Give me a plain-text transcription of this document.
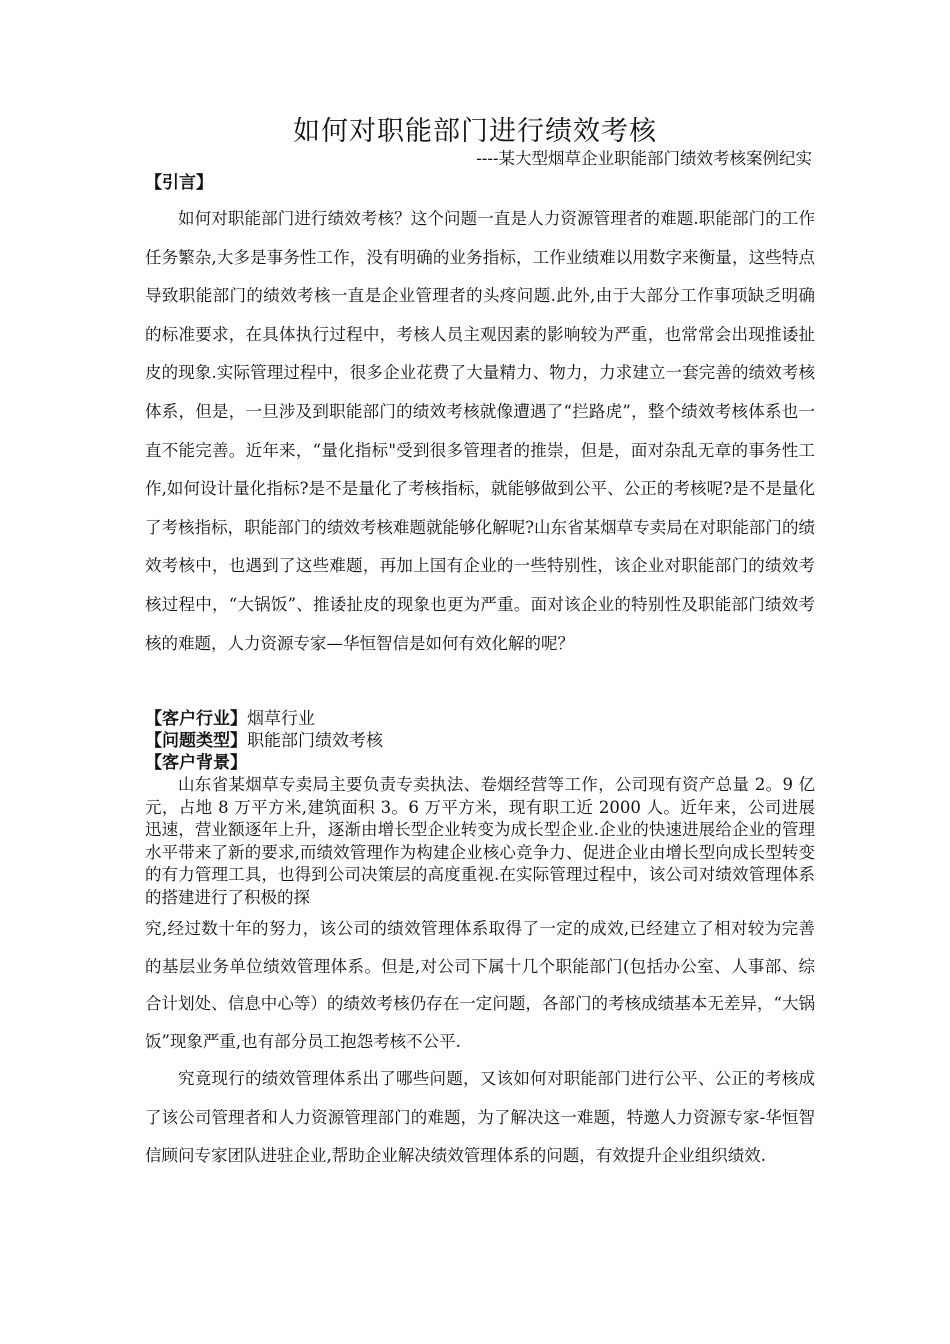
如何对职能部门进行绩效考核
----某大型烟草企业职能部门绩效考核案例纪实

【引言】

如何对职能部门进行绩效考核？这个问题一直是人力资源管理者的难题.职能部门的工作任务繁杂,大多是事务性工作，没有明确的业务指标，工作业绩难以用数字来衡量，这些特点导致职能部门的绩效考核一直是企业管理者的头疼问题.此外,由于大部分工作事项缺乏明确的标准要求，在具体执行过程中，考核人员主观因素的影响较为严重，也常常会出现推诿扯皮的现象.实际管理过程中，很多企业花费了大量精力、物力，力求建立一套完善的绩效考核体系，但是，一旦涉及到职能部门的绩效考核就像遭遇了“拦路虎”，整个绩效考核体系也一直不能完善。近年来，“量化指标"受到很多管理者的推崇，但是，面对杂乱无章的事务性工作,如何设计量化指标?是不是量化了考核指标，就能够做到公平、公正的考核呢?是不是量化了考核指标，职能部门的绩效考核难题就能够化解呢?山东省某烟草专卖局在对职能部门的绩效考核中，也遇到了这些难题，再加上国有企业的一些特别性，该企业对职能部门的绩效考核过程中，“大锅饭”、推诿扯皮的现象也更为严重。面对该企业的特别性及职能部门绩效考核的难题，人力资源专家—华恒智信是如何有效化解的呢？

【客户行业】烟草行业

【问题类型】职能部门绩效考核

【客户背景】

山东省某烟草专卖局主要负责专卖执法、卷烟经营等工作，公司现有资产总量 2。9 亿元，占地 8 万平方米,建筑面积 3。6 万平方米，现有职工近 2000 人。近年来，公司进展迅速，营业额逐年上升，逐渐由增长型企业转变为成长型企业.企业的快速进展给企业的管理水平带来了新的要求,而绩效管理作为构建企业核心竞争力、促进企业由增长型向成长型转变的有力管理工具，也得到公司决策层的高度重视.在实际管理过程中，该公司对绩效管理体系的搭建进行了积极的探

究,经过数十年的努力，该公司的绩效管理体系取得了一定的成效,已经建立了相对较为完善的基层业务单位绩效管理体系。但是,对公司下属十几个职能部门(包括办公室、人事部、综合计划处、信息中心等）的绩效考核仍存在一定问题，各部门的考核成绩基本无差异，“大锅饭”现象严重,也有部分员工抱怨考核不公平.

究竟现行的绩效管理体系出了哪些问题，又该如何对职能部门进行公平、公正的考核成了该公司管理者和人力资源管理部门的难题，为了解决这一难题，特邀人力资源专家-华恒智信顾问专家团队进驻企业,帮助企业解决绩效管理体系的问题，有效提升企业组织绩效.
